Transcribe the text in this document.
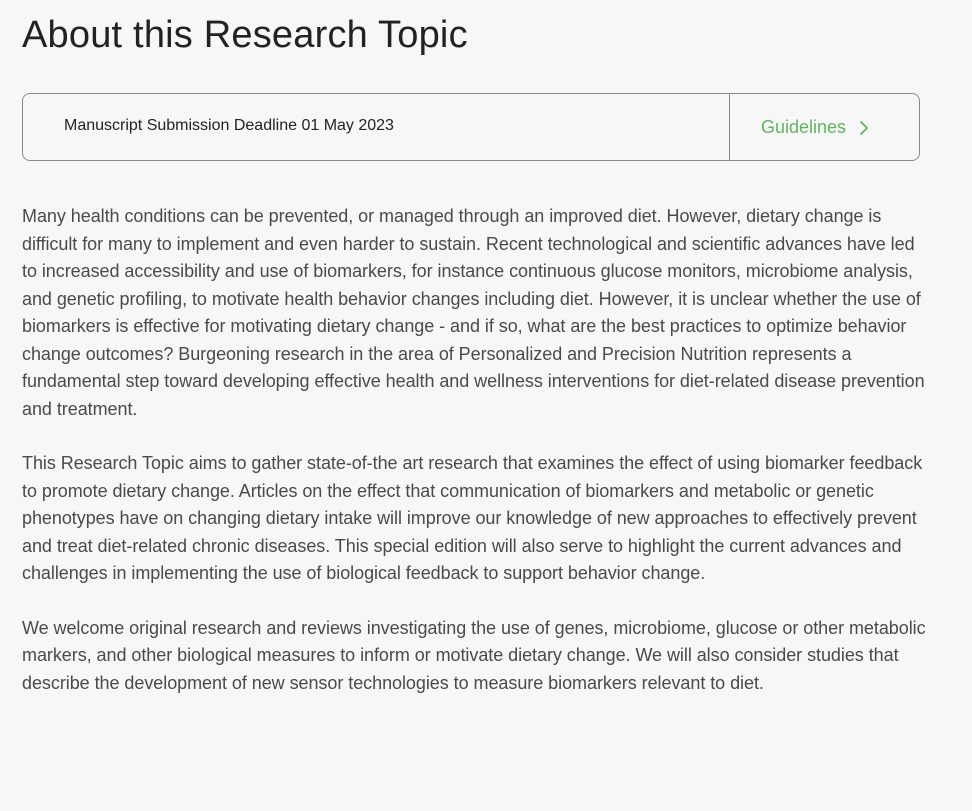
About this Research Topic
Manuscript Submission Deadline 01 May 2023	Guidelines

Many health conditions can be prevented, or managed through an improved diet. However, dietary change is difficult for many to implement and even harder to sustain. Recent technological and scientific advances have led to increased accessibility and use of biomarkers, for instance continuous glucose monitors, microbiome analysis, and genetic profiling, to motivate health behavior changes including diet. However, it is unclear whether the use of biomarkers is effective for motivating dietary change - and if so, what are the best practices to optimize behavior change outcomes? Burgeoning research in the area of Personalized and Precision Nutrition represents a fundamental step toward developing effective health and wellness interventions for diet-related disease prevention and treatment.

This Research Topic aims to gather state-of-the art research that examines the effect of using biomarker feedback to promote dietary change. Articles on the effect that communication of biomarkers and metabolic or genetic phenotypes have on changing dietary intake will improve our knowledge of new approaches to effectively prevent and treat diet-related chronic diseases. This special edition will also serve to highlight the current advances and challenges in implementing the use of biological feedback to support behavior change.

We welcome original research and reviews investigating the use of genes, microbiome, glucose or other metabolic markers, and other biological measures to inform or motivate dietary change. We will also consider studies that describe the development of new sensor technologies to measure biomarkers relevant to diet.
